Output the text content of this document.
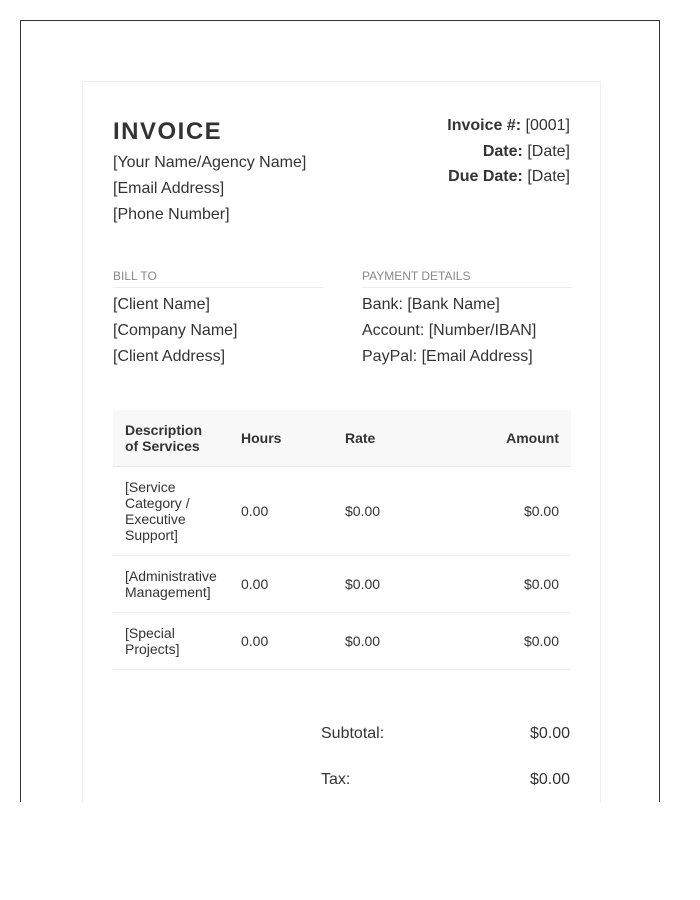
INVOICE
[Your Name/Agency Name]
[Email Address]
[Phone Number]
Invoice #: [0001]
Date: [Date]
Due Date: [Date]
BILL TO
[Client Name]
[Company Name]
[Client Address]
PAYMENT DETAILS
Bank: [Bank Name]
Account: [Number/IBAN]
PayPal: [Email Address]
Description of Services	Hours	Rate	Amount
[Service Category / Executive Support]	0.00	$0.00	$0.00
[Administrative Management]	0.00	$0.00	$0.00
[Special Projects]	0.00	$0.00	$0.00
Subtotal:	$0.00
Tax:	$0.00
